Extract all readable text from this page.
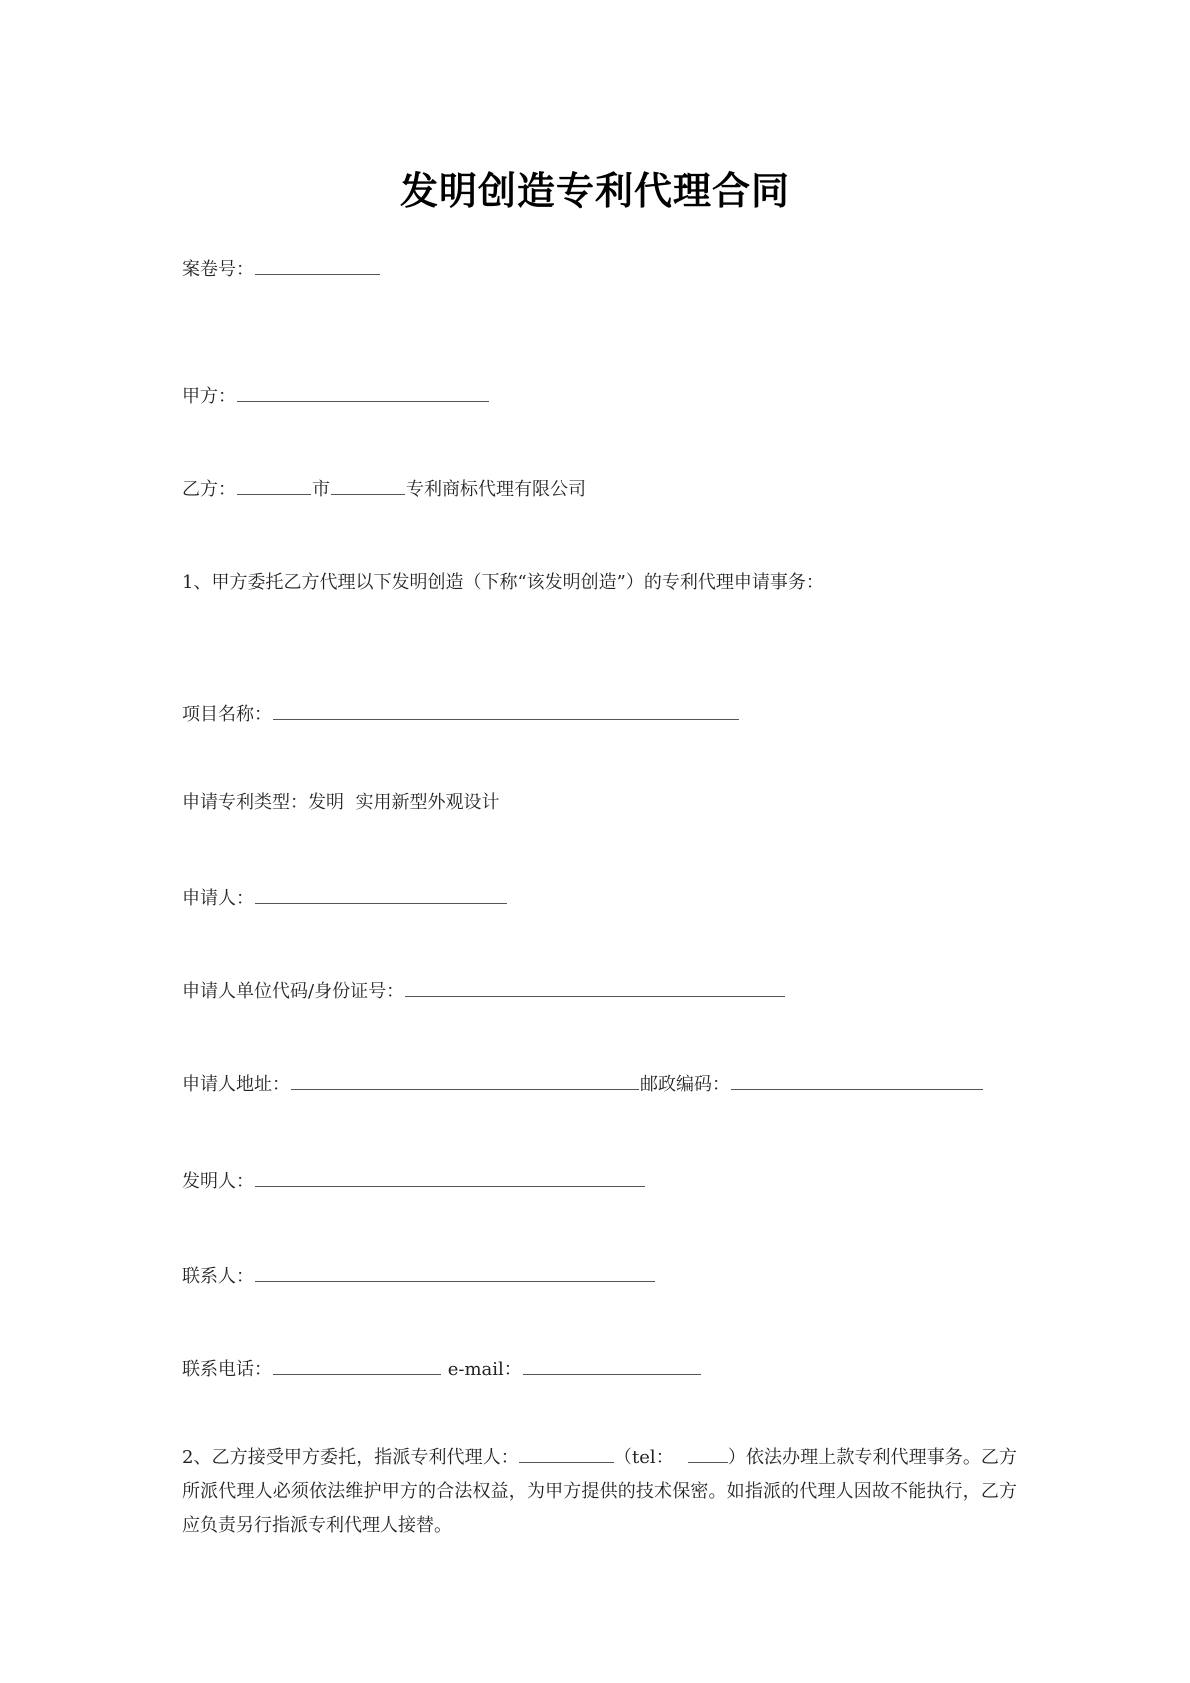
发明创造专利代理合同
案卷号：
甲方：
乙方：	市	专利商标代理有限公司
1、甲方委托乙方代理以下发明创造（下称“该发明创造”）的专利代理申请事务：
项目名称：
申请专利类型：发明  实用新型外观设计
申请人：
申请人单位代码/身份证号：
申请人地址：	邮政编码：
发明人：
联系人：
联系电话：	e-mail：
2、乙方接受甲方委托，指派专利代理人：	（tel：	）依法办理上款专利代理事务。乙方所派代理人必须依法维护甲方的合法权益，为甲方提供的技术保密。如指派的代理人因故不能执行，乙方应负责另行指派专利代理人接替。
